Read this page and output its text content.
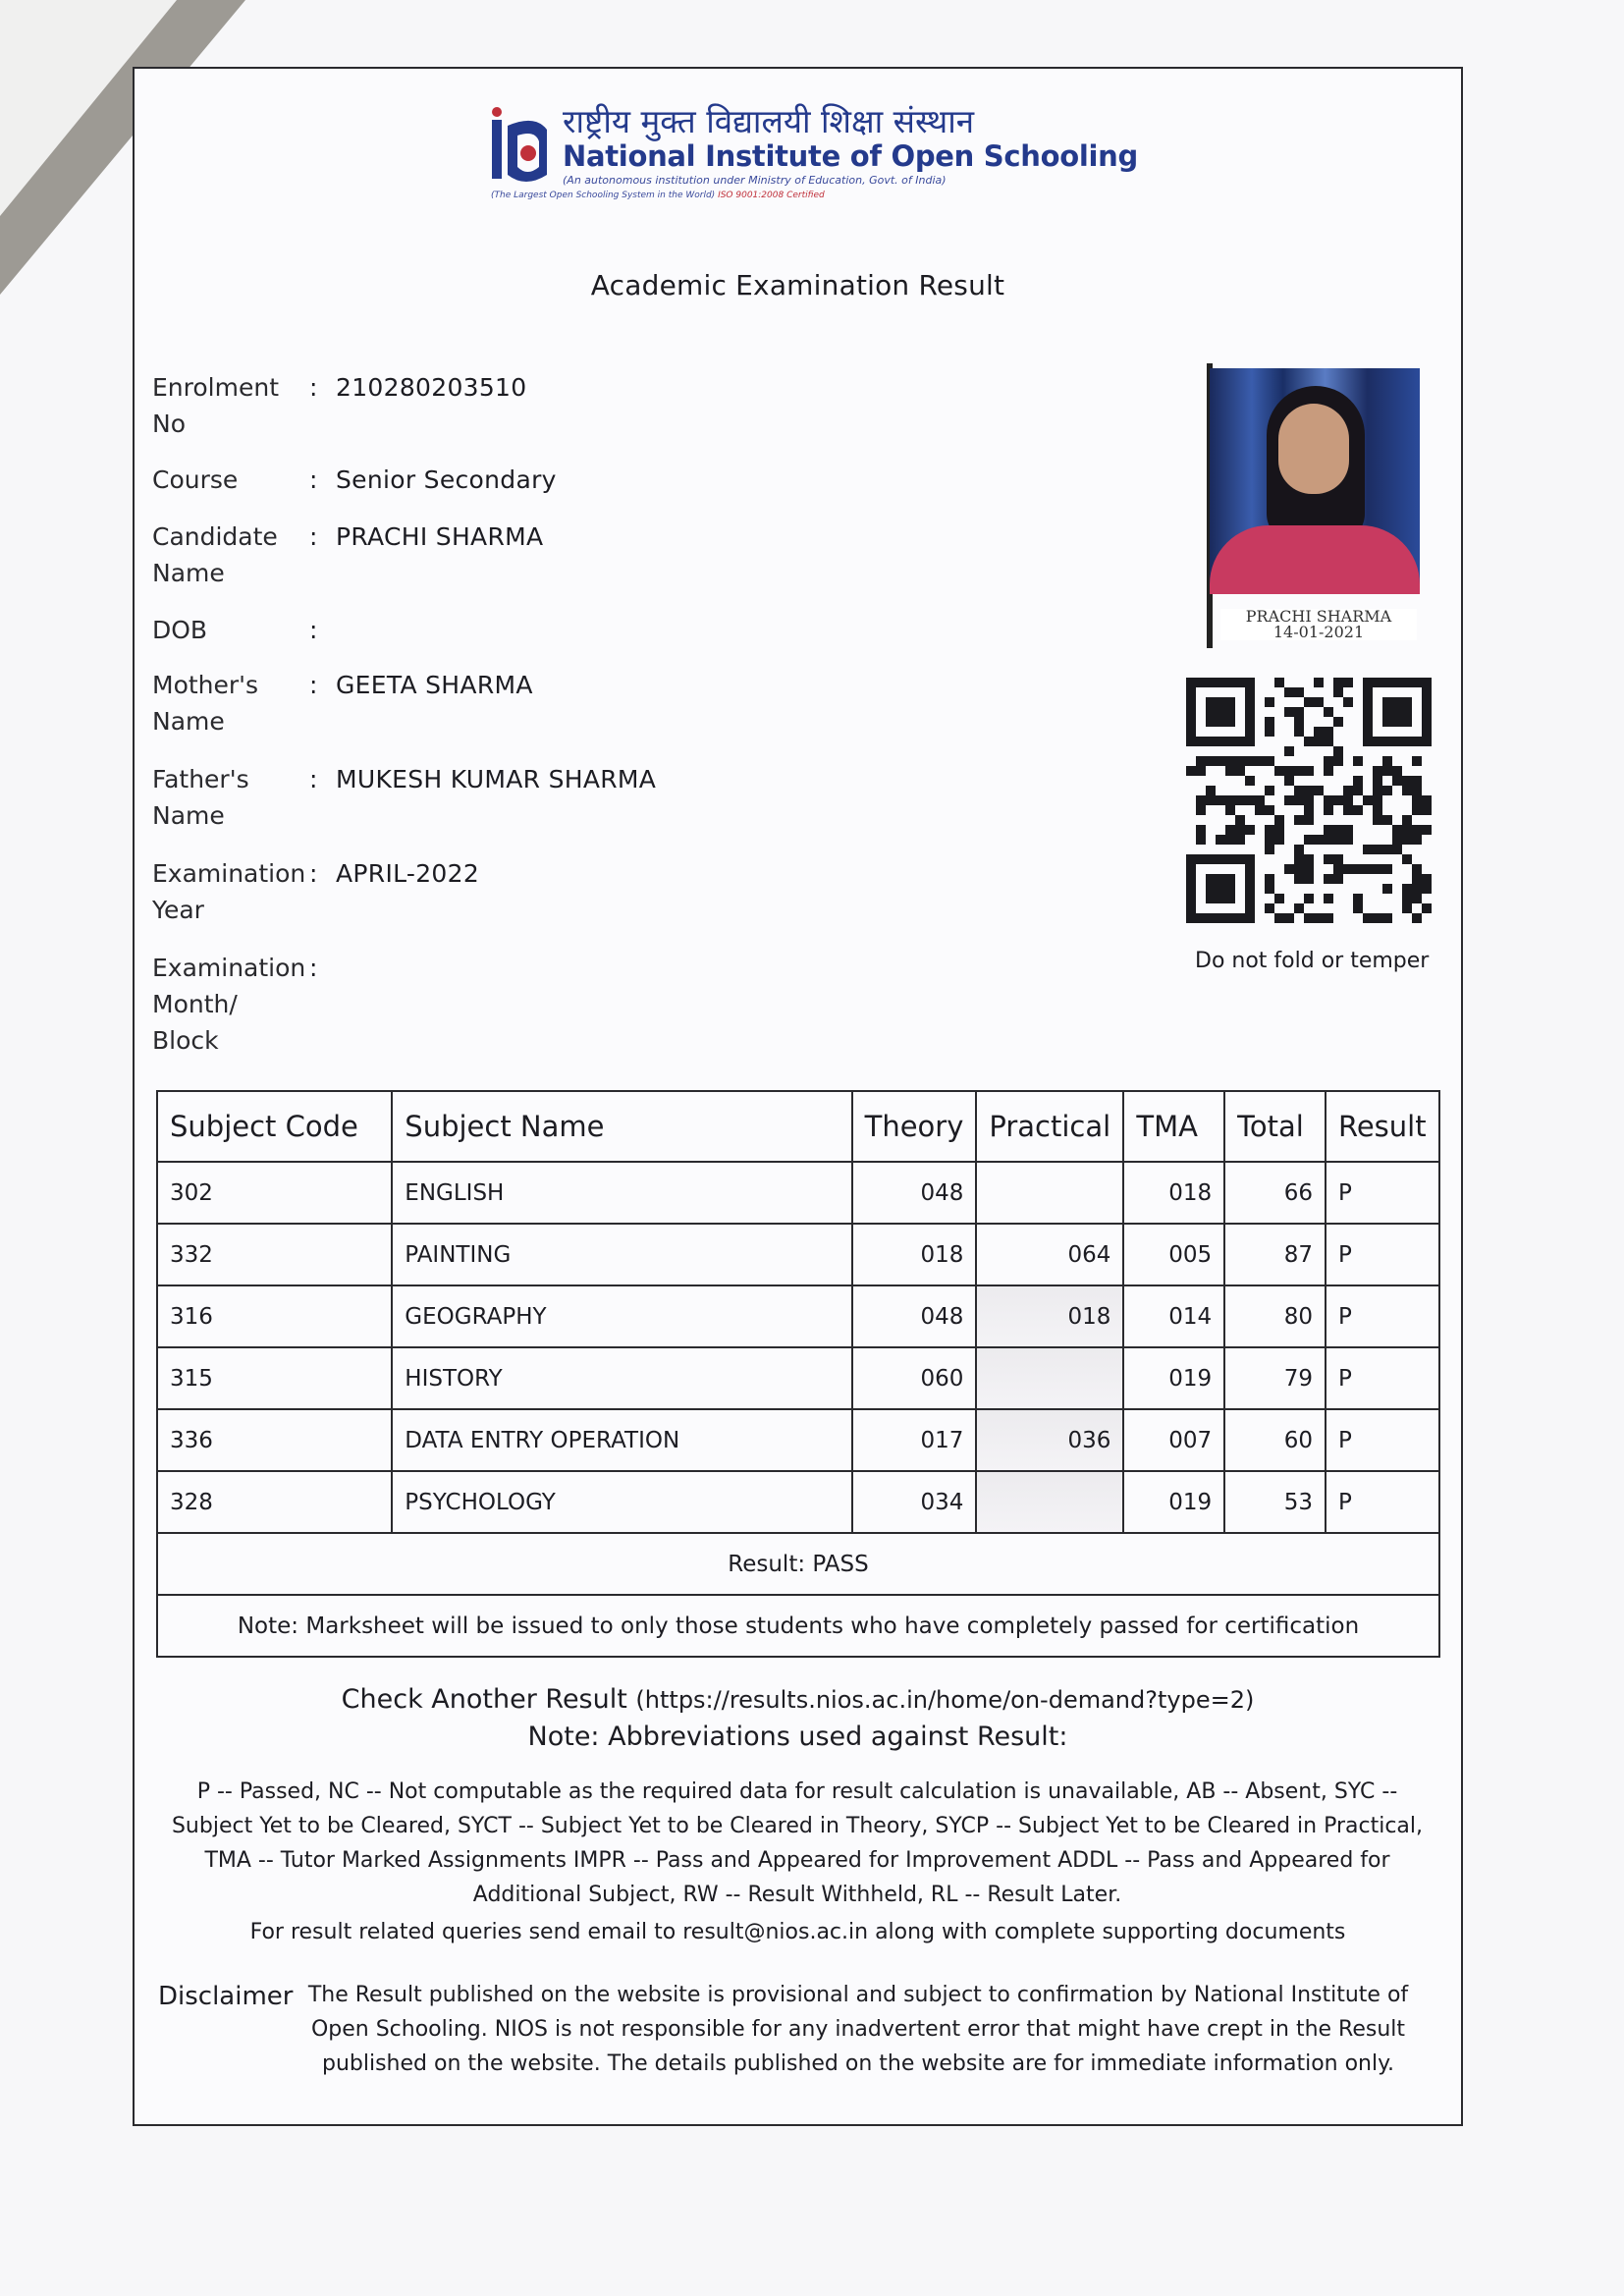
राष्ट्रीय मुक्त विद्यालयी शिक्षा संस्थान
National Institute of Open Schooling
(An autonomous institution under Ministry of Education, Govt. of India)
(The Largest Open Schooling System in the World) ISO 9001:2008 Certified
Academic Examination Result
Enrolment No
: 210280203510
Course	: Senior Secondary
Candidate Name
: PRACHI SHARMA
DOB	:
Mother's Name
: GEETA SHARMA
Father's Name
: MUKESH KUMAR SHARMA
Examination Year
: APRIL-2022
Examination Month/ Block
:
PRACHI SHARMA
14-01-2021
Do not fold or temper
Subject Code	Subject Name	Theory	Practical	TMA	Total	Result
302	ENGLISH	048		018	66	P
332	PAINTING	018	064	005	87	P
316	GEOGRAPHY	048	018	014	80	P
315	HISTORY	060		019	79	P
336	DATA ENTRY OPERATION	017	036	007	60	P
328	PSYCHOLOGY	034		019	53	P
Result: PASS						
Note: Marksheet will be issued to only those students who have completely passed for certification						
Check Another Result (https://results.nios.ac.in/home/on-demand?type=2)
Note: Abbreviations used against Result:
P -- Passed, NC -- Not computable as the required data for result calculation is unavailable, AB -- Absent, SYC -- Subject Yet to be Cleared, SYCT -- Subject Yet to be Cleared in Theory, SYCP -- Subject Yet to be Cleared in Practical, TMA -- Tutor Marked Assignments IMPR -- Pass and Appeared for Improvement ADDL -- Pass and Appeared for Additional Subject, RW -- Result Withheld, RL -- Result Later.
For result related queries send email to result@nios.ac.in along with complete supporting documents
Disclaimer The Result published on the website is provisional and subject to confirmation by National Institute of Open Schooling. NIOS is not responsible for any inadvertent error that might have crept in the Result published on the website. The details published on the website are for immediate information only.
